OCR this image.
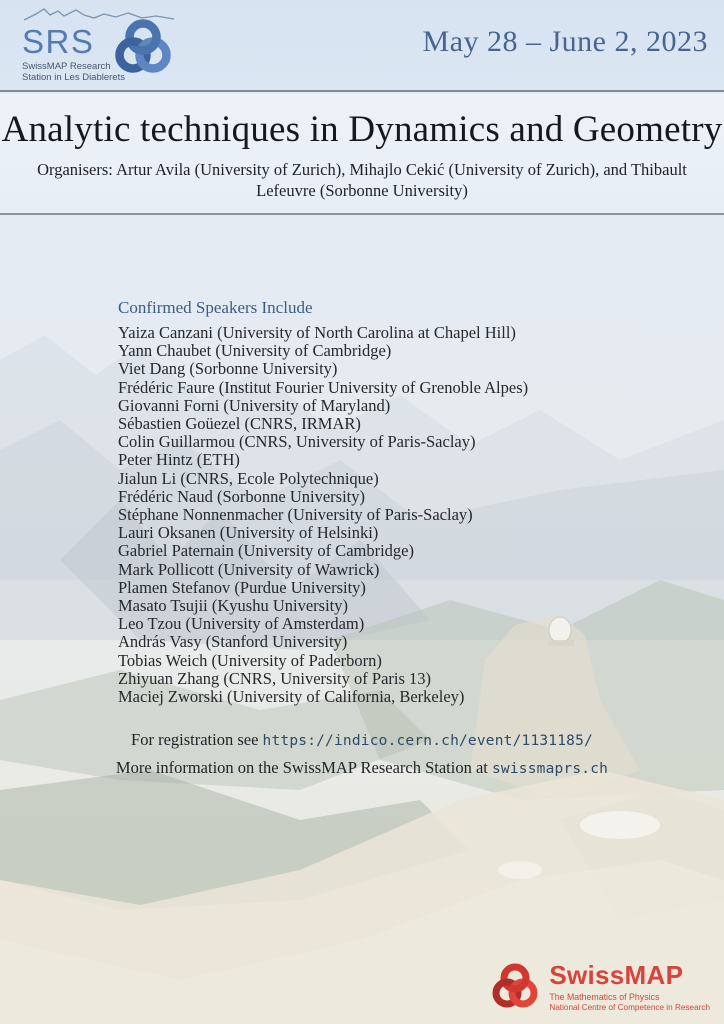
SRS
SwissMAP Research
Station in Les Diablerets
May 28 – June 2, 2023
Analytic techniques in Dynamics and Geometry
Organisers: Artur Avila (University of Zurich), Mihajlo Cekić (University of Zurich), and Thibault
Lefeuvre (Sorbonne University)
Confirmed Speakers Include
Yaiza Canzani (University of North Carolina at Chapel Hill)
Yann Chaubet (University of Cambridge)
Viet Dang (Sorbonne University)
Frédéric Faure (Institut Fourier University of Grenoble Alpes)
Giovanni Forni (University of Maryland)
Sébastien Goüezel (CNRS, IRMAR)
Colin Guillarmou (CNRS, University of Paris-Saclay)
Peter Hintz (ETH)
Jialun Li (CNRS, Ecole Polytechnique)
Frédéric Naud (Sorbonne University)
Stéphane Nonnenmacher (University of Paris-Saclay)
Lauri Oksanen (University of Helsinki)
Gabriel Paternain (University of Cambridge)
Mark Pollicott (University of Wawrick)
Plamen Stefanov (Purdue University)
Masato Tsujii (Kyushu University)
Leo Tzou (University of Amsterdam)
András Vasy (Stanford University)
Tobias Weich (University of Paderborn)
Zhiyuan Zhang (CNRS, University of Paris 13)
Maciej Zworski (University of California, Berkeley)
For registration see https://indico.cern.ch/event/1131185/
More information on the SwissMAP Research Station at swissmaprs.ch
SwissMAP
The Mathematics of Physics
National Centre of Competence in Research
